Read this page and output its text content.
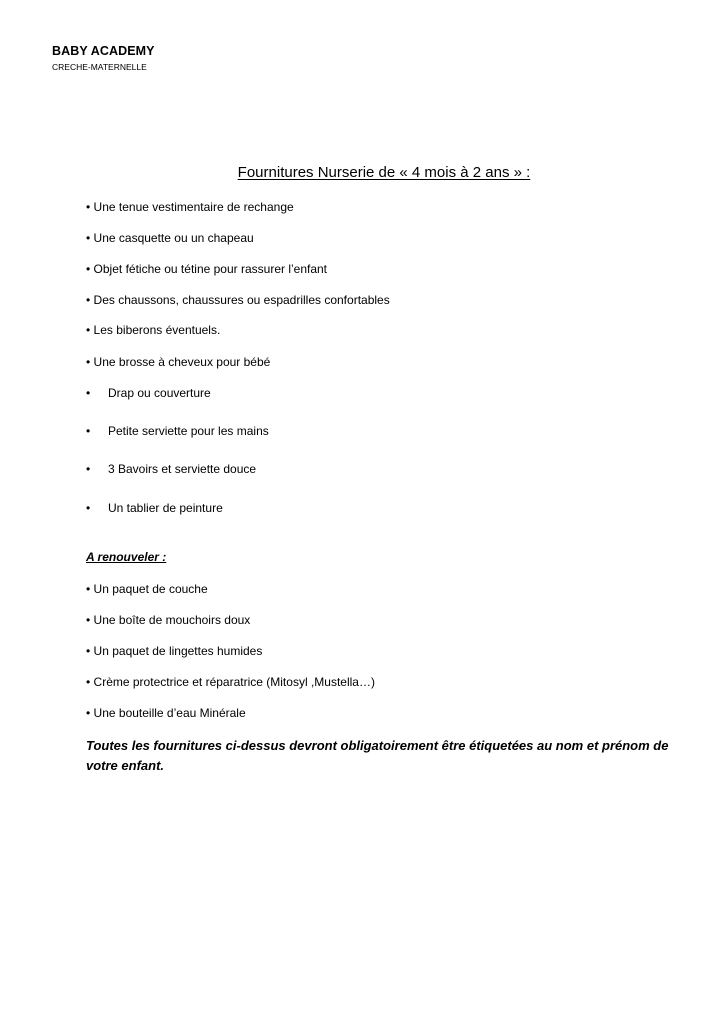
BABY ACADEMY
CRECHE-MATERNELLE
Fournitures Nurserie de « 4 mois à 2 ans » :
• Une tenue vestimentaire de rechange
• Une casquette ou un chapeau
• Objet fétiche ou tétine pour rassurer l’enfant
• Des chaussons, chaussures ou espadrilles confortables
• Les biberons éventuels.
• Une brosse à cheveux pour bébé
• Drap ou couverture
• Petite serviette pour les mains
• 3 Bavoirs et serviette douce
• Un tablier de peinture
A renouveler :
• Un paquet de couche
• Une boîte de mouchoirs doux
• Un paquet de lingettes humides
• Crème protectrice et réparatrice (Mitosyl ,Mustella…)
• Une bouteille d’eau Minérale
Toutes les fournitures ci-dessus devront obligatoirement être étiquetées au nom et prénom de votre enfant.
